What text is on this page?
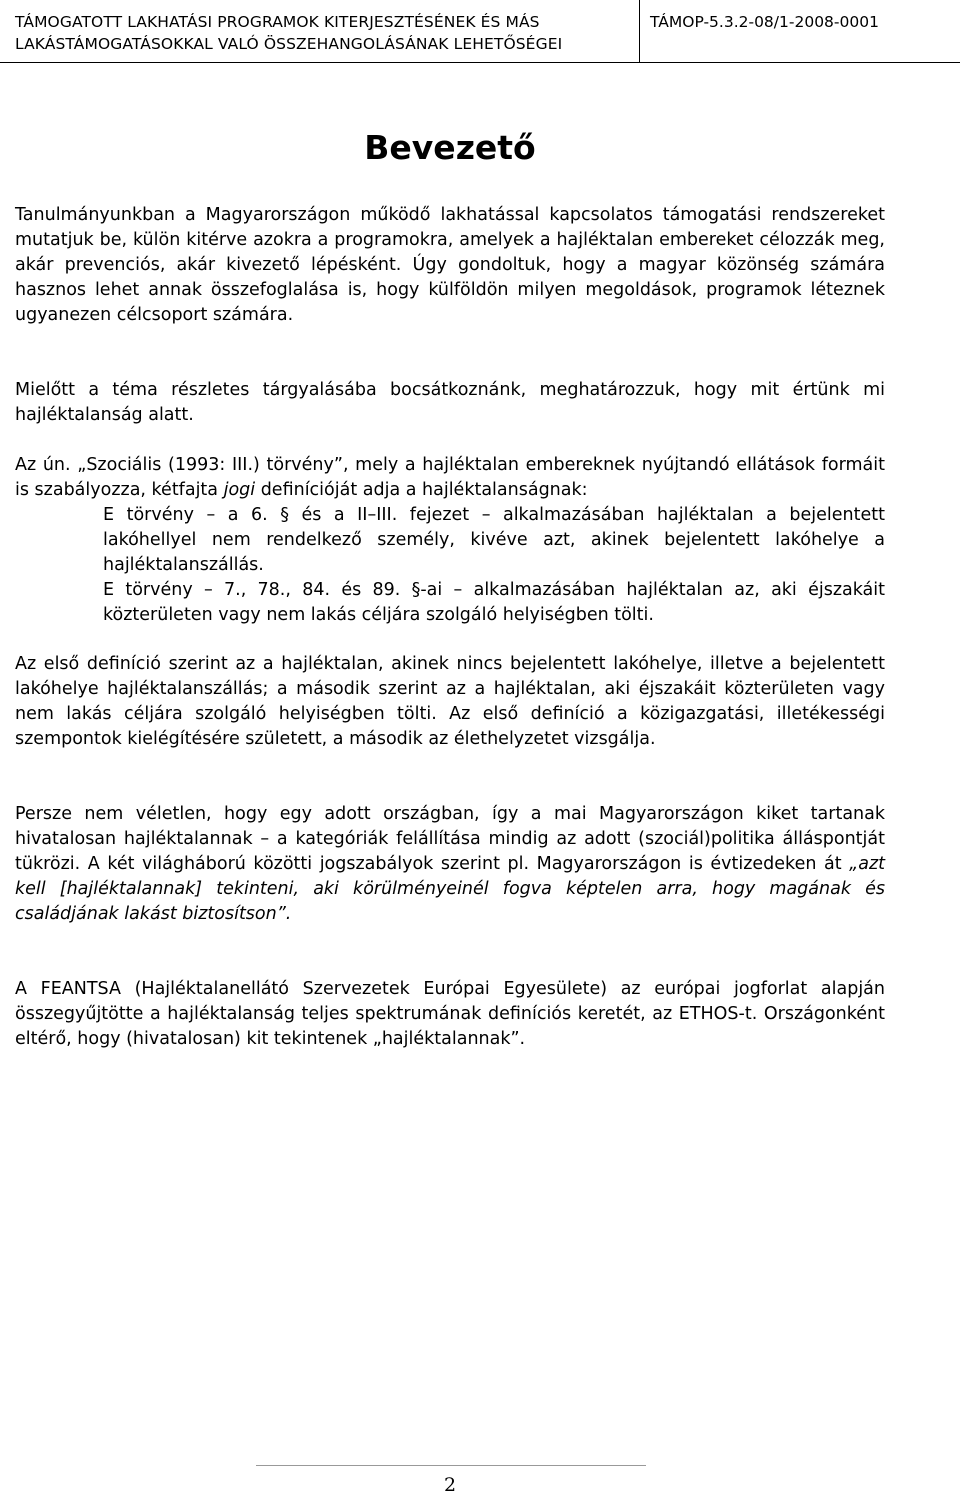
TÁMOGATOTT LAKHATÁSI PROGRAMOK KITERJESZTÉSÉNEK ÉS MÁS
LAKÁSTÁMOGATÁSOKKAL VALÓ ÖSSZEHANGOLÁSÁNAK LEHETŐSÉGEI
TÁMOP-5.3.2-08/1-2008-0001
Bevezető
Tanulmányunkban a Magyarországon működő lakhatással kapcsolatos támogatási rendszereket mutatjuk be, külön kitérve azokra a programokra, amelyek a hajléktalan embereket célozzák meg, akár prevenciós, akár kivezető lépésként. Úgy gondoltuk, hogy a magyar közönség számára hasznos lehet annak összefoglalása is, hogy külföldön milyen megoldások, programok léteznek ugyanezen célcsoport számára.
Mielőtt a téma részletes tárgyalásába bocsátkoznánk, meghatározzuk, hogy mit értünk mi hajléktalanság alatt.
Az ún. „Szociális (1993: III.) törvény”, mely a hajléktalan embereknek nyújtandó ellátások formáit is szabályozza, kétfajta jogi definícióját adja a hajléktalanságnak:
E törvény – a 6. § és a II–III. fejezet – alkalmazásában hajléktalan a bejelentett lakóhellyel nem rendelkező személy, kivéve azt, akinek bejelentett lakóhelye a hajléktalanszállás.
E törvény – 7., 78., 84. és 89. §-ai – alkalmazásában hajléktalan az, aki éjszakáit közterületen vagy nem lakás céljára szolgáló helyiségben tölti.
Az első definíció szerint az a hajléktalan, akinek nincs bejelentett lakóhelye, illetve a bejelentett lakóhelye hajléktalanszállás; a második szerint az a hajléktalan, aki éjszakáit közterületen vagy nem lakás céljára szolgáló helyiségben tölti. Az első definíció a közigazgatási, illetékességi szempontok kielégítésére született, a második az élethelyzetet vizsgálja.
Persze nem véletlen, hogy egy adott országban, így a mai Magyarországon kiket tartanak hivatalosan hajléktalannak – a kategóriák felállítása mindig az adott (szociál)politika álláspontját tükrözi. A két világháború közötti jogszabályok szerint pl. Magyarországon is évtizedeken át „azt kell [hajléktalannak] tekinteni, aki körülményeinél fogva képtelen arra, hogy magának és családjának lakást biztosítson”.
A FEANTSA (Hajléktalanellátó Szervezetek Európai Egyesülete) az európai jogforlat alapján összegyűjtötte a hajléktalanság teljes spektrumának definíciós keretét, az ETHOS-t. Országonként eltérő, hogy (hivatalosan) kit tekintenek „hajléktalannak”.
2
